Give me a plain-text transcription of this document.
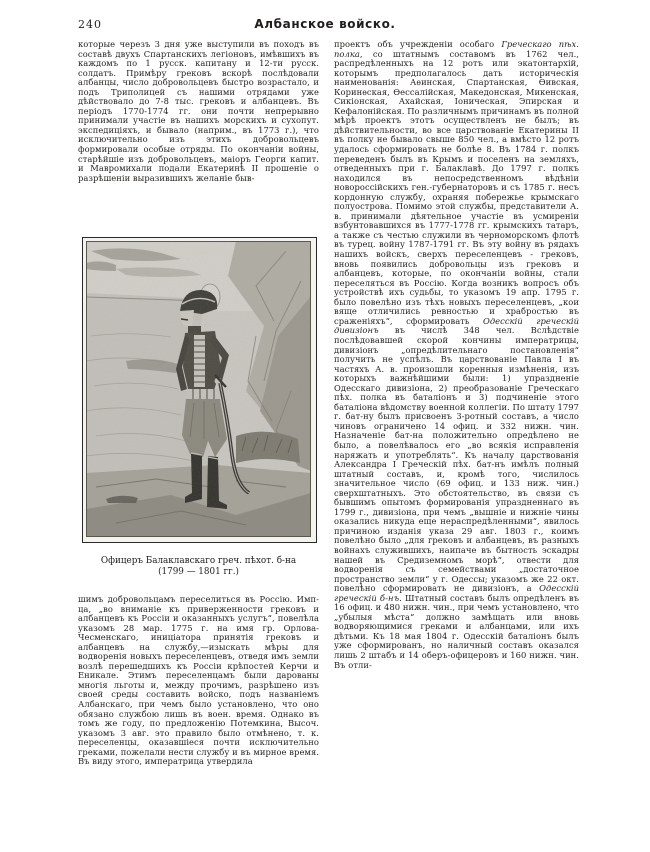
240	Албанское войско.
которые черезъ 3 дня уже выступили въ походъ въ составѣ двухъ Спартанскихъ легіоновъ, имѣвшихъ въ каждомъ по 1 русск. капитану и 12-ти русск. солдатъ. Примѣру грековъ вскорѣ послѣдовали албанцы, число добровольцевъ быстро возрастало, и подъ Триполицей съ нашими отрядами уже дѣйствовало до 7-8 тыс. грековъ и албанцевъ. Въ періодъ 1770-1774 гг. они почти непрерывно принимали участіе въ нашихъ морскихъ и сухопут. экспедиціяхъ, и бывало (наприм., въ 1773 г.), что исключительно изъ этихъ добровольцевъ формировали особые отряды. По окончаніи войны, старѣйшіе изъ добровольцевъ, маіоръ Георги капит. и Мавромихали подали Екатеринѣ II прошеніе о разрѣшеніи выразившихъ желаніе быв-
Офицеръ Балаклавскаго греч. пѣхот. б-на
(1799 — 1801 гг.)
шимъ добровольцамъ переселиться въ Россію. Имп-ца, „во вниманіе къ приверженности грековъ и албанцевъ къ Россіи и оказанныхъ услугъ“, повелѣла указомъ 28 мар. 1775 г. на имя гр. Орлова-Чесменскаго, иниціатора принятія грековъ и албанцевъ на службу,—изыскать мѣры для водворенія новыхъ переселенцевъ, отведя имъ земли возлѣ перешедшихъ къ Россіи крѣпостей Керчи и Еникале. Этимъ переселенцамъ были дарованы многія льготы и, между прочимъ, разрѣшено изъ своей среды составить войско, подъ названіемъ Албанскаго, при чемъ было установлено, что оно обязано службою лишь въ воен. время. Однако въ томъ же году, по предложенію Потемкина, Высоч. указомъ 3 авг. это правило было отмѣнено, т. к. переселенцы, оказавшіеся почти исключительно греками, пожелали нести службу и въ мирное время. Въ виду этого, императрица утвердила
проектъ объ учрежденіи особаго Греческаго пѣх. полка, со штатнымъ составомъ въ 1762 чел., распредѣленныхъ на 12 ротъ или экатонтархій, которымъ предполагалось дать историческія наименованія: Аѳинская, Спартанская, Ѳивская, Коринѳская, Ѳессалійская, Македонская, Микенская, Сикіонская, Ахайская, Іоническая, Эпирская и Кефалонійская. По различнымъ причинамъ въ полной мѣрѣ проектъ этотъ осуществленъ не былъ; въ дѣйствительности, во все царствованіе Екатерины II въ полку не бывало свыше 850 чел., а вмѣсто 12 ротъ удалось сформировать не болѣе 8. Въ 1784 г. полкъ переведенъ былъ въ Крымъ и поселенъ на земляхъ, отведенныхъ при г. Балаклавѣ. До 1797 г. полкъ находился въ непосредственномъ вѣдѣніи новороссійскихъ ген.-губернаторовъ и съ 1785 г. несъ кордонную службу, охраняя побережье крымскаго полуострова. Помимо этой службы, представители А. в. принимали дѣятельное участіе въ усмиреніи взбунтовавшихся въ 1777-1778 гг. крымскихъ татаръ, а также съ честью служили въ черноморскомъ флотѣ въ турец. войну 1787-1791 гг. Въ эту войну въ рядахъ нашихъ войскъ, сверхъ переселенцевъ - грековъ, вновь появились добровольцы изъ грековъ и албанцевъ, которые, по окончаніи войны, стали переселяться въ Россію. Когда возникъ вопросъ объ устройствѣ ихъ судьбы, то указомъ 19 апр. 1795 г. было повелѣно изъ тѣхъ новыхъ переселенцевъ, „кои вяще отличились ревностью и храбростью въ сраженіяхъ“, сформировать Одесскій греческій дивизіонъ въ числѣ 348 чел. Вслѣдствіе послѣдовавшей скорой кончины императрицы, дивизіонъ „опредѣлительнаго постановленія“ получить не успѣлъ. Въ царствованіе Павла I въ частяхъ А. в. произошли коренныя измѣненія, изъ которыхъ важнѣйшими были: 1) упраздненіе Одесскаго дивизіона, 2) преобразованіе Греческаго пѣх. полка въ баталіонъ и 3) подчиненіе этого баталіона вѣдомству военной коллегіи. По штату 1797 г. бат-ну былъ присвоенъ 3-ротный составъ, а число чиновъ ограничено 14 офиц. и 332 нижн. чин. Назначеніе бат-на положительно опредѣлено не было, а повелѣвалось его „во всякія исправленія наряжать и употреблять“. Къ началу царствованія Александра I Греческій пѣх. бат-нъ имѣлъ полный штатный составъ, и, кромѣ того, числилось значительное число (69 офиц. и 133 ниж. чин.) сверхштатныхъ. Это обстоятельство, въ связи съ бывшимъ опытомъ формированія упраздненнаго въ 1799 г., дивизіона, при чемъ „вышніе и нижніе чины оказались никуда еще нераспредѣленными“, явилось причиною изданія указа 29 авг. 1803 г., коимъ повелѣно было „для грековъ и албанцевъ, въ разныхъ войнахъ служившихъ, наипаче въ бытность эскадры нашей въ Средиземномъ морѣ“, отвести для водворенія съ семействами „достаточное пространство земли“ у г. Одессы; указомъ же 22 окт. повелѣно сформировать не дивизіонъ, а Одесскій греческій б-нъ. Штатный составъ былъ опредѣленъ въ 16 офиц. и 480 нижн. чин., при чемъ установлено, что „убылыя мѣста“ должно замѣщать или вновь водворяющимися греками и албанцами, или ихъ дѣтьми. Къ 18 мая 1804 г. Одесскій баталіонъ былъ уже сформированъ, но наличный составъ оказался лишь 2 штабъ и 14 оберъ-офицеровъ и 160 нижн. чин. Въ отли-
